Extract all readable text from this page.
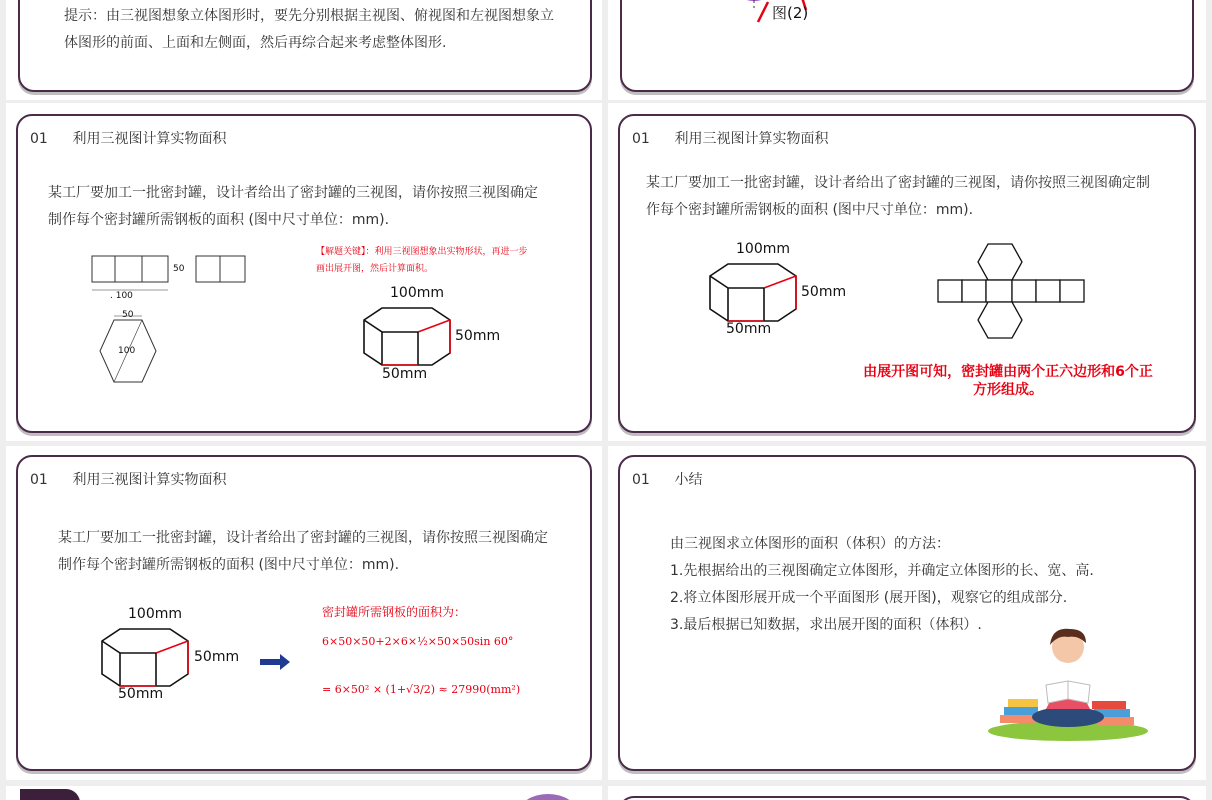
提示：由三视图想象立体图形时，要先分别根据主视图、俯视图和左视图想象立体图形的前面、上面和左侧面，然后再综合起来考虑整体图形.
图(2)
01 利用三视图计算实物面积
某工厂要加工一批密封罐，设计者给出了密封罐的三视图，请你按照三视图确定制作每个密封罐所需钢板的面积 (图中尺寸单位：mm).
50
. 100
50
100
【解题关键】：利用三视图想象出实物形状，再进一步画出展开图，然后计算面积。
100mm
50mm
50mm
01 利用三视图计算实物面积
某工厂要加工一批密封罐，设计者给出了密封罐的三视图，请你按照三视图确定制作每个密封罐所需钢板的面积 (图中尺寸单位：mm).
100mm
50mm
50mm
由展开图可知，密封罐由两个正六边形和6个正方形组成。
01 利用三视图计算实物面积
某工厂要加工一批密封罐，设计者给出了密封罐的三视图，请你按照三视图确定制作每个密封罐所需钢板的面积 (图中尺寸单位：mm).
100mm
50mm
50mm
密封罐所需钢板的面积为：
6×50×50+2×6×½×50×50sin 60°
= 6×50² × (1+√3/2) ≈ 27990(mm²)
01 小结
由三视图求立体图形的面积（体积）的方法：
1.先根据给出的三视图确定立体图形，并确定立体图形的长、宽、高.
2.将立体图形展开成一个平面图形 (展开图)，观察它的组成部分.
3.最后根据已知数据，求出展开图的面积（体积）.
